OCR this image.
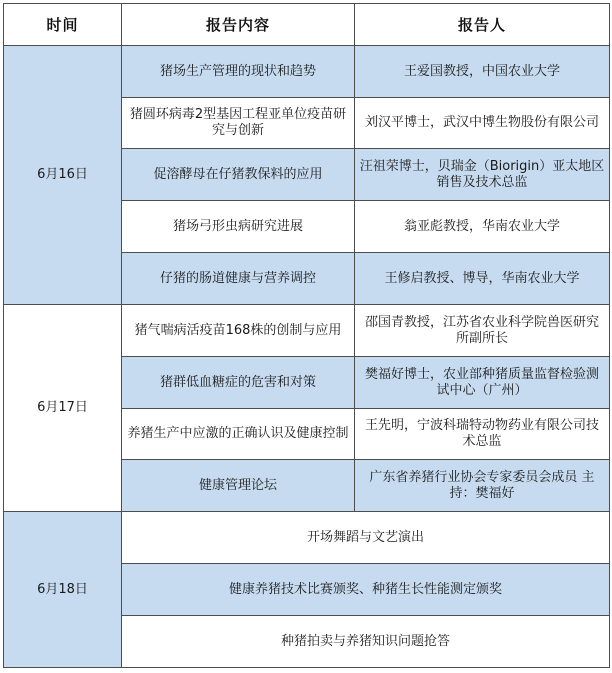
时间	报告内容	报告人
6月16日	猪场生产管理的现状和趋势	王爱国教授，中国农业大学
	猪圆环病毒2型基因工程亚单位疫苗研究与创新	刘汉平博士，武汉中博生物股份有限公司
	促溶酵母在仔猪教保料的应用	汪祖荣博士，贝瑞金（Biorigin）亚太地区销售及技术总监
	猪场弓形虫病研究进展	翁亚彪教授，华南农业大学
	仔猪的肠道健康与营养调控	王修启教授、博导，华南农业大学
6月17日	猪气喘病活疫苗168株的创制与应用	邵国青教授，江苏省农业科学院兽医研究所副所长
	猪群低血糖症的危害和对策	樊福好博士，农业部种猪质量监督检验测试中心（广州）
	养猪生产中应激的正确认识及健康控制	王先明，宁波科瑞特动物药业有限公司技术总监
	健康管理论坛	广东省养猪行业协会专家委员会成员 主持：樊福好
6月18日	开场舞蹈与文艺演出	
	健康养猪技术比赛颁奖、种猪生长性能测定颁奖	
	种猪拍卖与养猪知识问题抢答	
